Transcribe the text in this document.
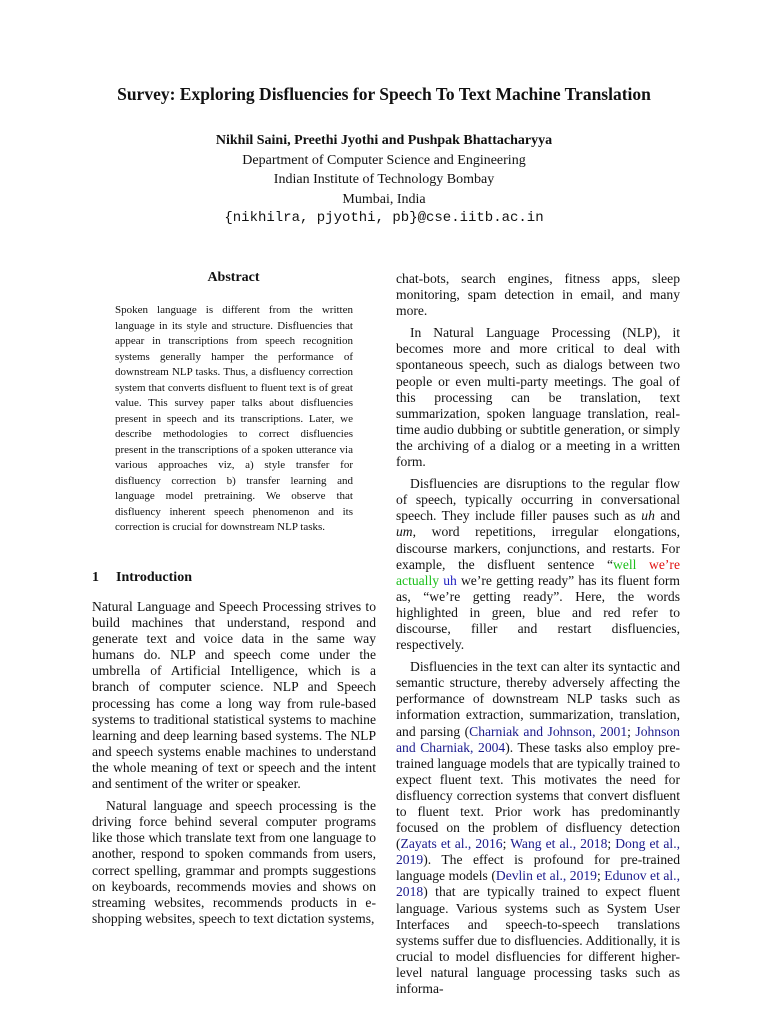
Survey: Exploring Disfluencies for Speech To Text Machine Translation
Nikhil Saini, Preethi Jyothi and Pushpak Bhattacharyya
Department of Computer Science and Engineering
Indian Institute of Technology Bombay
Mumbai, India
{nikhilra, pjyothi, pb}@cse.iitb.ac.in
Abstract

Spoken language is different from the written language in its style and structure. Disfluencies that appear in transcriptions from speech recognition systems generally hamper the performance of downstream NLP tasks. Thus, a disfluency correction system that converts disfluent to fluent text is of great value. This survey paper talks about disfluencies present in speech and its transcriptions. Later, we describe methodologies to correct disfluencies present in the transcriptions of a spoken utterance via various approaches viz, a) style transfer for disfluency correction b) transfer learning and language model pretraining. We observe that disfluency inherent speech phenomenon and its correction is crucial for downstream NLP tasks.

1 Introduction

Natural Language and Speech Processing strives to build machines that understand, respond and generate text and voice data in the same way humans do. NLP and speech come under the umbrella of Artificial Intelligence, which is a branch of computer science. NLP and Speech processing has come a long way from rule-based systems to traditional statistical systems to machine learning and deep learning based systems. The NLP and speech systems enable machines to understand the whole meaning of text or speech and the intent and sentiment of the writer or speaker.

Natural language and speech processing is the driving force behind several computer programs like those which translate text from one language to another, respond to spoken commands from users, correct spelling, grammar and prompts suggestions on keyboards, recommends movies and shows on streaming websites, recommends products in e-shopping websites, speech to text dictation systems,

chat-bots, search engines, fitness apps, sleep monitoring, spam detection in email, and many more.

In Natural Language Processing (NLP), it becomes more and more critical to deal with spontaneous speech, such as dialogs between two people or even multi-party meetings. The goal of this processing can be translation, text summarization, spoken language translation, real-time audio dubbing or subtitle generation, or simply the archiving of a dialog or a meeting in a written form.

Disfluencies are disruptions to the regular flow of speech, typically occurring in conversational speech. They include filler pauses such as uh and um, word repetitions, irregular elongations, discourse markers, conjunctions, and restarts. For example, the disfluent sentence “well we’re actually uh we’re getting ready” has its fluent form as, “we’re getting ready”. Here, the words highlighted in green, blue and red refer to discourse, filler and restart disfluencies, respectively.

Disfluencies in the text can alter its syntactic and semantic structure, thereby adversely affecting the performance of downstream NLP tasks such as information extraction, summarization, translation, and parsing (Charniak and Johnson, 2001; Johnson and Charniak, 2004). These tasks also employ pre-trained language models that are typically trained to expect fluent text. This motivates the need for disfluency correction systems that convert disfluent to fluent text. Prior work has predominantly focused on the problem of disfluency detection (Zayats et al., 2016; Wang et al., 2018; Dong et al., 2019). The effect is profound for pre-trained language models (Devlin et al., 2019; Edunov et al., 2018) that are typically trained to expect fluent language. Various systems such as System User Interfaces and speech-to-speech translations systems suffer due to disfluencies. Additionally, it is crucial to model disfluencies for different higher-level natural language processing tasks such as informa-
